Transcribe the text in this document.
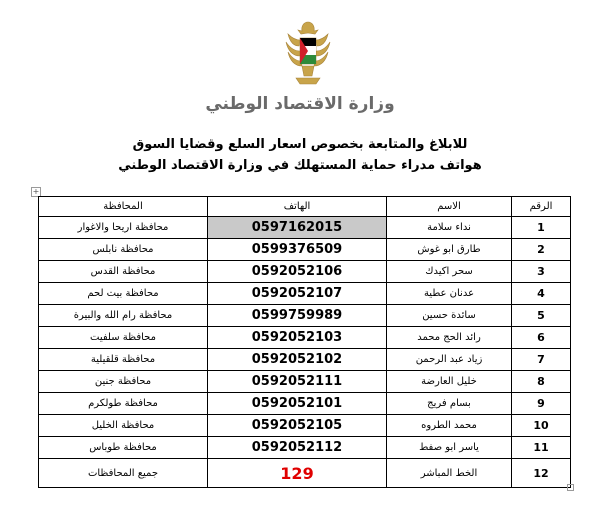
وزارة الاقتصاد الوطني
للابلاغ والمتابعة بخصوص اسعار السلع وقضايا السوق
هواتف مدراء حماية المستهلك في وزارة الاقتصاد الوطني
+
الرقم	الاسم	الهاتف	المحافظة
1	نداء سلامة	0597162015	محافظة اريحا والاغوار
2	طارق ابو غوش	0599376509	محافظة نابلس
3	سحر اكيدك	0592052106	محافظة القدس
4	عدنان عطية	0592052107	محافظة بيت لحم
5	سائدة حسين	0599759989	محافظة رام الله والبيرة
6	رائد الحج محمد	0592052103	محافظة سلفيت
7	زياد عبد الرحمن	0592052102	محافظة قلقيلية
8	خليل العارضة	0592052111	محافظة جنين
9	بسام فريج	0592052101	محافظة طولكرم
10	محمد الطروه	0592052105	محافظة الخليل
11	ياسر ابو صفط	0592052112	محافظة طوباس
12	الخط المباشر	129	جميع المحافظات
